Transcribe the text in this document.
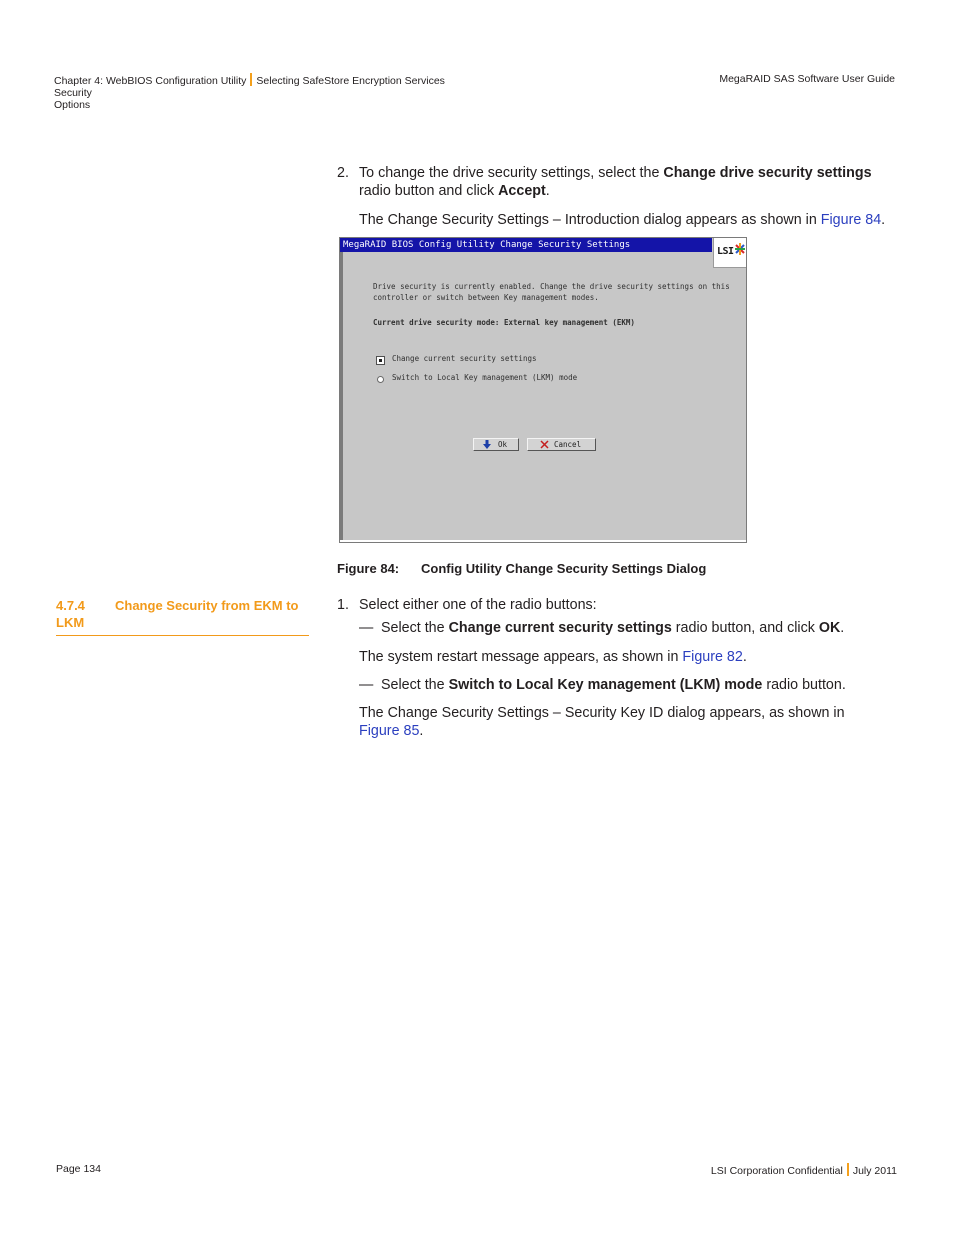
Chapter 4: WebBIOS Configuration Utility Selecting SafeStore Encryption Services Security
Options
MegaRAID SAS Software User Guide
2. To change the drive security settings, select the Change drive security settings
radio button and click Accept.
The Change Security Settings – Introduction dialog appears as shown in Figure 84.
MegaRAID BIOS Config Utility Change Security Settings
LSI
Drive security is currently enabled. Change the drive security settings on this
controller or switch between Key management modes.
Current drive security mode: External key management (EKM)
Change current security settings
Switch to Local Key management (LKM) mode
Ok	Cancel
Figure 84: Config Utility Change Security Settings Dialog
4.7.4 Change Security from EKM to
LKM
1. Select either one of the radio buttons:
— Select the Change current security settings radio button, and click OK.
The system restart message appears, as shown in Figure 82.
— Select the Switch to Local Key management (LKM) mode radio button.
The Change Security Settings – Security Key ID dialog appears, as shown in
Figure 85.
Page 134	LSI Corporation Confidential July 2011
